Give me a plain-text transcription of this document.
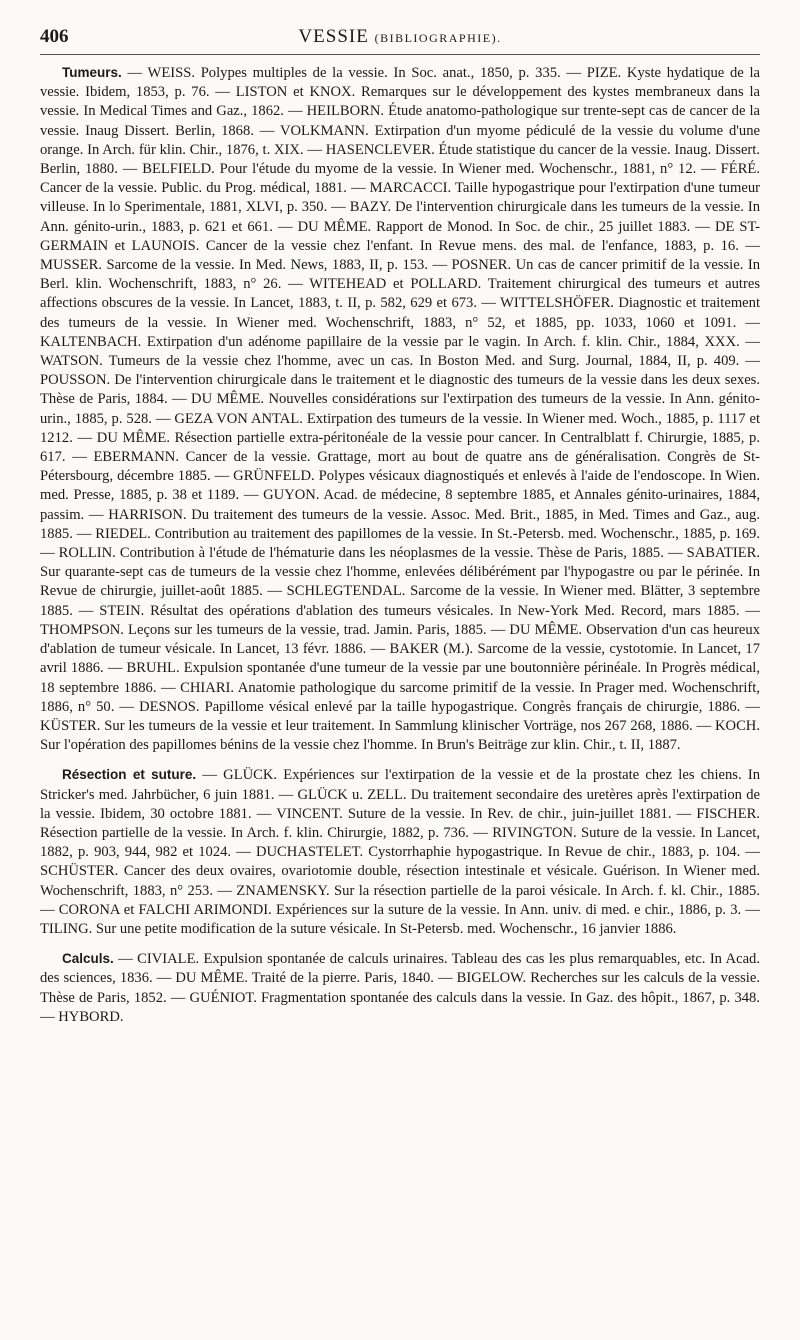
406	VESSIE (BIBLIOGRAPHIE).

Tumeurs. — WEISS. Polypes multiples de la vessie. In Soc. anat., 1850, p. 335. — PIZE. Kyste hydatique de la vessie. Ibidem, 1853, p. 76. — LISTON et KNOX. Remarques sur le développement des kystes membraneux dans la vessie. In Medical Times and Gaz., 1862. — HEILBORN. Étude anatomo-pathologique sur trente-sept cas de cancer de la vessie. Inaug Dissert. Berlin, 1868. — VOLKMANN. Extirpation d'un myome pédiculé de la vessie du volume d'une orange. In Arch. für klin. Chir., 1876, t. XIX. — HASENCLEVER. Étude statistique du cancer de la vessie. Inaug. Dissert. Berlin, 1880. — BELFIELD. Pour l'étude du myome de la vessie. In Wiener med. Wochenschr., 1881, n° 12. — FÉRÉ. Cancer de la vessie. Public. du Prog. médical, 1881. — MARCACCI. Taille hypogastrique pour l'extirpation d'une tumeur villeuse. In lo Sperimentale, 1881, XLVI, p. 350. — BAZY. De l'intervention chirurgicale dans les tumeurs de la vessie. In Ann. génito-urin., 1883, p. 621 et 661. — DU MÊME. Rapport de Monod. In Soc. de chir., 25 juillet 1883. — DE ST-GERMAIN et LAUNOIS. Cancer de la vessie chez l'enfant. In Revue mens. des mal. de l'enfance, 1883, p. 16. — MUSSER. Sarcome de la vessie. In Med. News, 1883, II, p. 153. — POSNER. Un cas de cancer primitif de la vessie. In Berl. klin. Wochenschrift, 1883, n° 26. — WITEHEAD et POLLARD. Traitement chirurgical des tumeurs et autres affections obscures de la vessie. In Lancet, 1883, t. II, p. 582, 629 et 673. — WITTELSHÖFER. Diagnostic et traitement des tumeurs de la vessie. In Wiener med. Wochenschrift, 1883, n° 52, et 1885, pp. 1033, 1060 et 1091. — KALTENBACH. Extirpation d'un adénome papillaire de la vessie par le vagin. In Arch. f. klin. Chir., 1884, XXX. — WATSON. Tumeurs de la vessie chez l'homme, avec un cas. In Boston Med. and Surg. Journal, 1884, II, p. 409. — POUSSON. De l'intervention chirurgicale dans le traitement et le diagnostic des tumeurs de la vessie dans les deux sexes. Thèse de Paris, 1884. — DU MÊME. Nouvelles considérations sur l'extirpation des tumeurs de la vessie. In Ann. génito-urin., 1885, p. 528. — GEZA VON ANTAL. Extirpation des tumeurs de la vessie. In Wiener med. Woch., 1885, p. 1117 et 1212. — DU MÊME. Résection partielle extra-péritonéale de la vessie pour cancer. In Centralblatt f. Chirurgie, 1885, p. 617. — EBERMANN. Cancer de la vessie. Grattage, mort au bout de quatre ans de généralisation. Congrès de St-Pétersbourg, décembre 1885. — GRÜNFELD. Polypes vésicaux diagnostiqués et enlevés à l'aide de l'endoscope. In Wien. med. Presse, 1885, p. 38 et 1189. — GUYON. Acad. de médecine, 8 septembre 1885, et Annales génito-urinaires, 1884, passim. — HARRISON. Du traitement des tumeurs de la vessie. Assoc. Med. Brit., 1885, in Med. Times and Gaz., aug. 1885. — RIEDEL. Contribution au traitement des papillomes de la vessie. In St.-Petersb. med. Wochenschr., 1885, p. 169. — ROLLIN. Contribution à l'étude de l'hématurie dans les néoplasmes de la vessie. Thèse de Paris, 1885. — SABATIER. Sur quarante-sept cas de tumeurs de la vessie chez l'homme, enlevées délibérément par l'hypogastre ou par le périnée. In Revue de chirurgie, juillet-août 1885. — SCHLEGTENDAL. Sarcome de la vessie. In Wiener med. Blätter, 3 septembre 1885. — STEIN. Résultat des opérations d'ablation des tumeurs vésicales. In New-York Med. Record, mars 1885. — THOMPSON. Leçons sur les tumeurs de la vessie, trad. Jamin. Paris, 1885. — DU MÊME. Observation d'un cas heureux d'ablation de tumeur vésicale. In Lancet, 13 févr. 1886. — BAKER (M.). Sarcome de la vessie, cystotomie. In Lancet, 17 avril 1886. — BRUHL. Expulsion spontanée d'une tumeur de la vessie par une boutonnière périnéale. In Progrès médical, 18 septembre 1886. — CHIARI. Anatomie pathologique du sarcome primitif de la vessie. In Prager med. Wochenschrift, 1886, n° 50. — DESNOS. Papillome vésical enlevé par la taille hypogastrique. Congrès français de chirurgie, 1886. — KÜSTER. Sur les tumeurs de la vessie et leur traitement. In Sammlung klinischer Vorträge, nos 267 268, 1886. — KOCH. Sur l'opération des papillomes bénins de la vessie chez l'homme. In Brun's Beiträge zur klin. Chir., t. II, 1887.

Résection et suture. — GLÜCK. Expériences sur l'extirpation de la vessie et de la prostate chez les chiens. In Stricker's med. Jahrbücher, 6 juin 1881. — GLÜCK u. ZELL. Du traitement secondaire des uretères après l'extirpation de la vessie. Ibidem, 30 octobre 1881. — VINCENT. Suture de la vessie. In Rev. de chir., juin-juillet 1881. — FISCHER. Résection partielle de la vessie. In Arch. f. klin. Chirurgie, 1882, p. 736. — RIVINGTON. Suture de la vessie. In Lancet, 1882, p. 903, 944, 982 et 1024. — DUCHASTELET. Cystorrhaphie hypogastrique. In Revue de chir., 1883, p. 104. — SCHÜSTER. Cancer des deux ovaires, ovariotomie double, résection intestinale et vésicale. Guérison. In Wiener med. Wochenschrift, 1883, n° 253. — ZNAMENSKY. Sur la résection partielle de la paroi vésicale. In Arch. f. kl. Chir., 1885. — CORONA et FALCHI ARIMONDI. Expériences sur la suture de la vessie. In Ann. univ. di med. e chir., 1886, p. 3. — TILING. Sur une petite modification de la suture vésicale. In St-Petersb. med. Wochenschr., 16 janvier 1886.

Calculs. — CIVIALE. Expulsion spontanée de calculs urinaires. Tableau des cas les plus remarquables, etc. In Acad. des sciences, 1836. — DU MÊME. Traité de la pierre. Paris, 1840. — BIGELOW. Recherches sur les calculs de la vessie. Thèse de Paris, 1852. — GUÉNIOT. Fragmentation spontanée des calculs dans la vessie. In Gaz. des hôpit., 1867, p. 348. — HYBORD.
